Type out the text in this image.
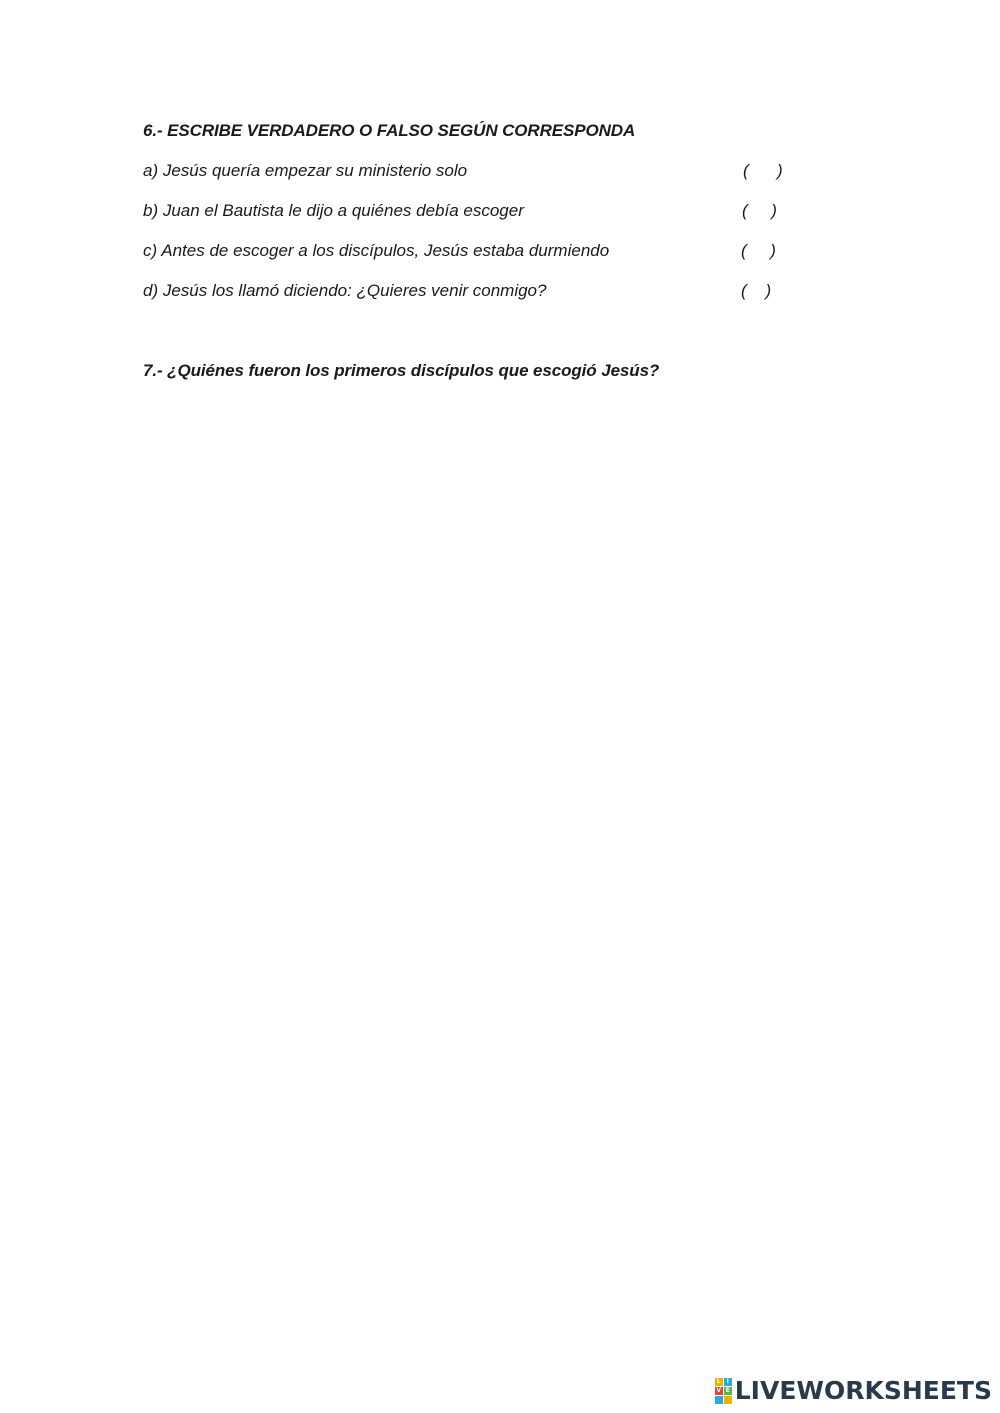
6.- ESCRIBE VERDADERO O FALSO SEGÚN CORRESPONDA
a) Jesús quería empezar su ministerio solo	(      )
b) Juan el Bautista le dijo a quiénes debía escoger	(     )
c) Antes de escoger a los discípulos, Jesús estaba durmiendo	(     )
d) Jesús los llamó diciendo: ¿Quieres venir conmigo?	(    )
7.- ¿Quiénes fueron los primeros discípulos que escogió Jesús?
L I
V E LIVEWORKSHEETS
